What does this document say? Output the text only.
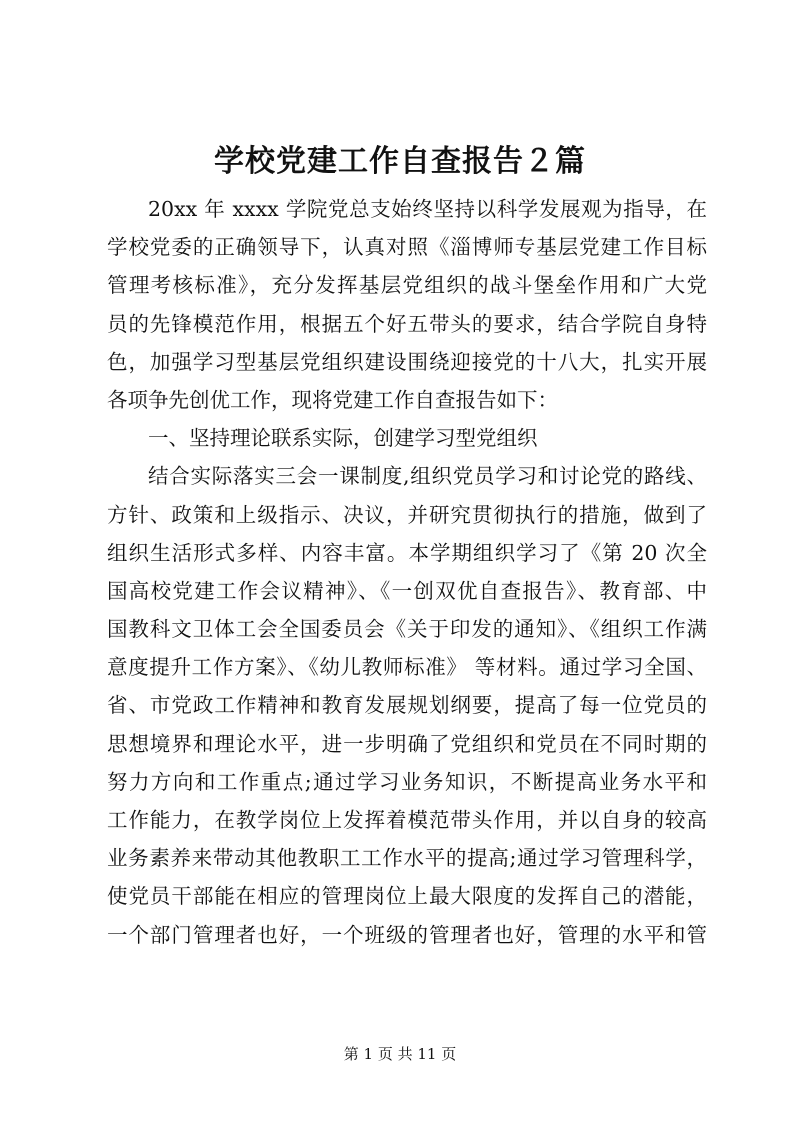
学校党建工作自查报告２篇
20xx 年 xxxx 学院党总支始终坚持以科学发展观为指导，在
学校党委的正确领导下，认真对照《淄博师专基层党建工作目标
管理考核标准》，充分发挥基层党组织的战斗堡垒作用和广大党
员的先锋模范作用，根据五个好五带头的要求，结合学院自身特
色，加强学习型基层党组织建设围绕迎接党的十八大，扎实开展
各项争先创优工作，现将党建工作自查报告如下：
一、坚持理论联系实际，创建学习型党组织
结合实际落实三会一课制度,组织党员学习和讨论党的路线、
方针、政策和上级指示、决议，并研究贯彻执行的措施，做到了
组织生活形式多样、内容丰富。本学期组织学习了《第 20 次全
国高校党建工作会议精神》、《一创双优自查报告》、教育部、中
国教科文卫体工会全国委员会《关于印发的通知》、《组织工作满
意度提升工作方案》、《幼儿教师标准》 等材料。通过学习全国、
省、市党政工作精神和教育发展规划纲要，提高了每一位党员的
思想境界和理论水平，进一步明确了党组织和党员在不同时期的
努力方向和工作重点;通过学习业务知识，不断提高业务水平和
工作能力，在教学岗位上发挥着模范带头作用，并以自身的较高
业务素养来带动其他教职工工作水平的提高;通过学习管理科学，
使党员干部能在相应的管理岗位上最大限度的发挥自己的潜能，
一个部门管理者也好，一个班级的管理者也好，管理的水平和管
第 1 页 共 11 页
